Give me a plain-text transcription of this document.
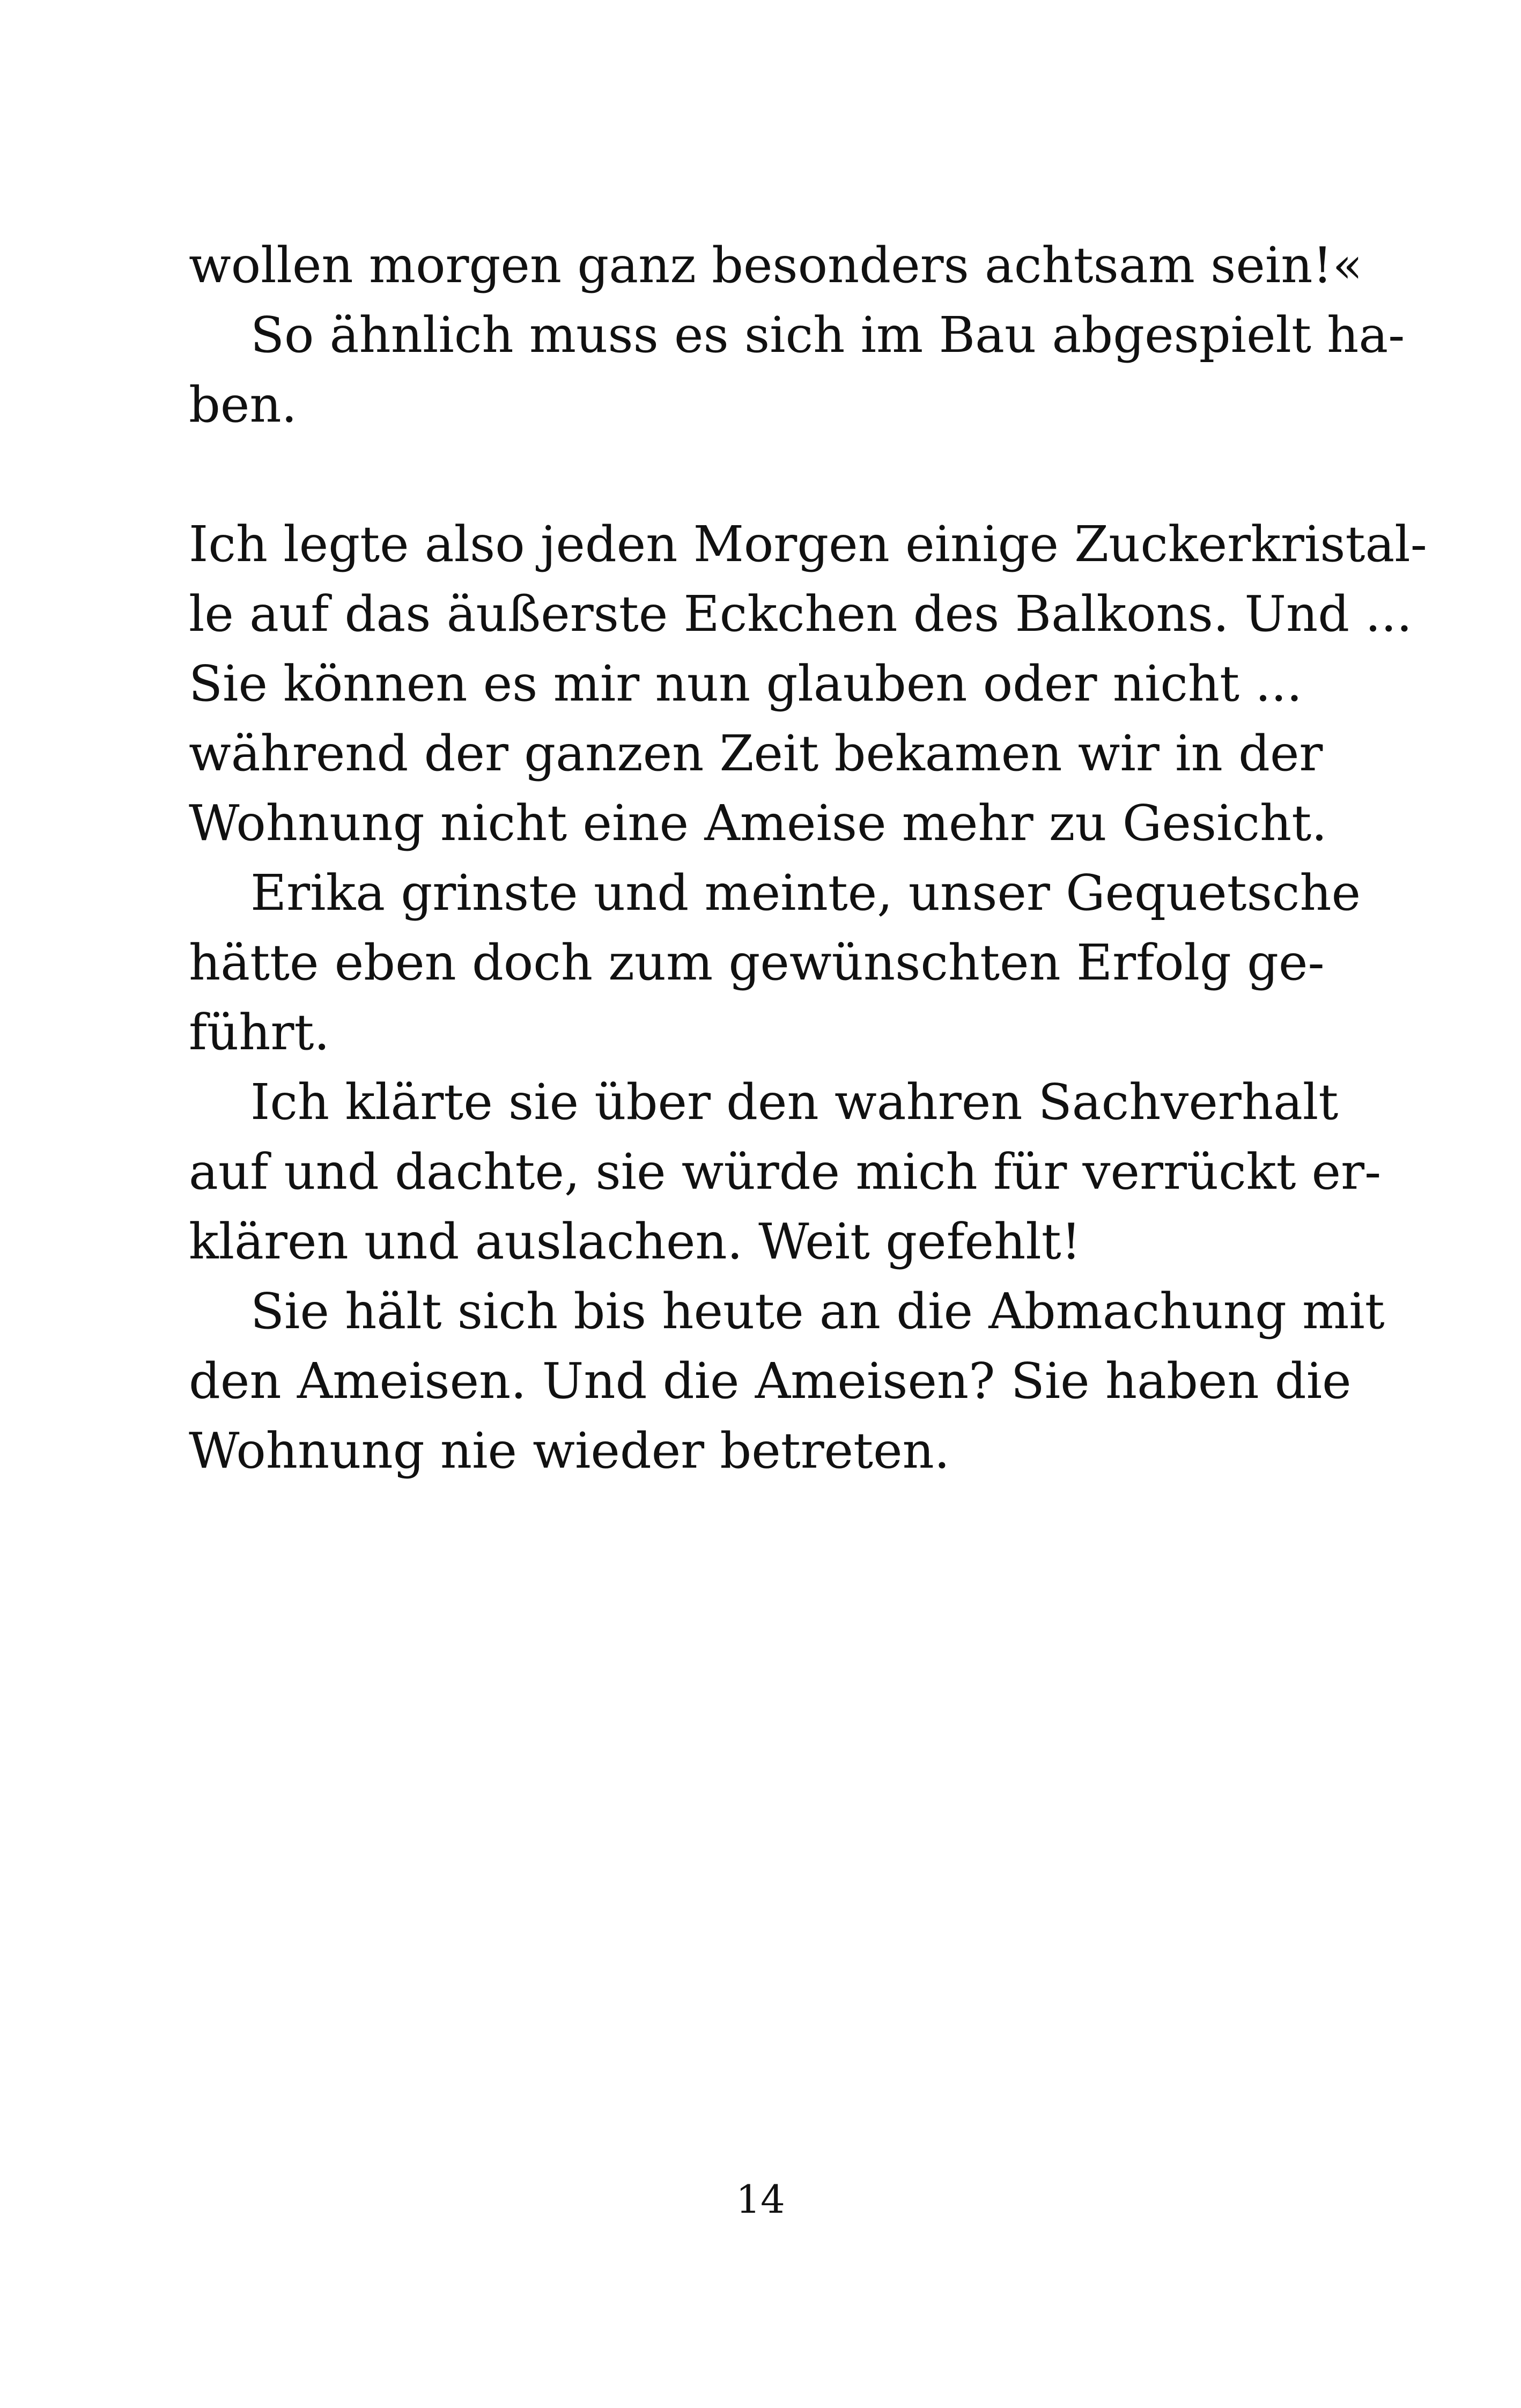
wollen morgen ganz besonders achtsam sein!«
So ähnlich muss es sich im Bau abgespielt ha-
ben.
Ich legte also jeden Morgen einige Zuckerkristal-
le auf das äußerste Eckchen des Balkons. Und ...
Sie können es mir nun glauben oder nicht ...
während der ganzen Zeit bekamen wir in der
Wohnung nicht eine Ameise mehr zu Gesicht.
Erika grinste und meinte, unser Gequetsche
hätte eben doch zum gewünschten Erfolg ge-
führt.
Ich klärte sie über den wahren Sachverhalt
auf und dachte, sie würde mich für verrückt er-
klären und auslachen. Weit gefehlt!
Sie hält sich bis heute an die Abmachung mit
den Ameisen. Und die Ameisen? Sie haben die
Wohnung nie wieder betreten.
14
